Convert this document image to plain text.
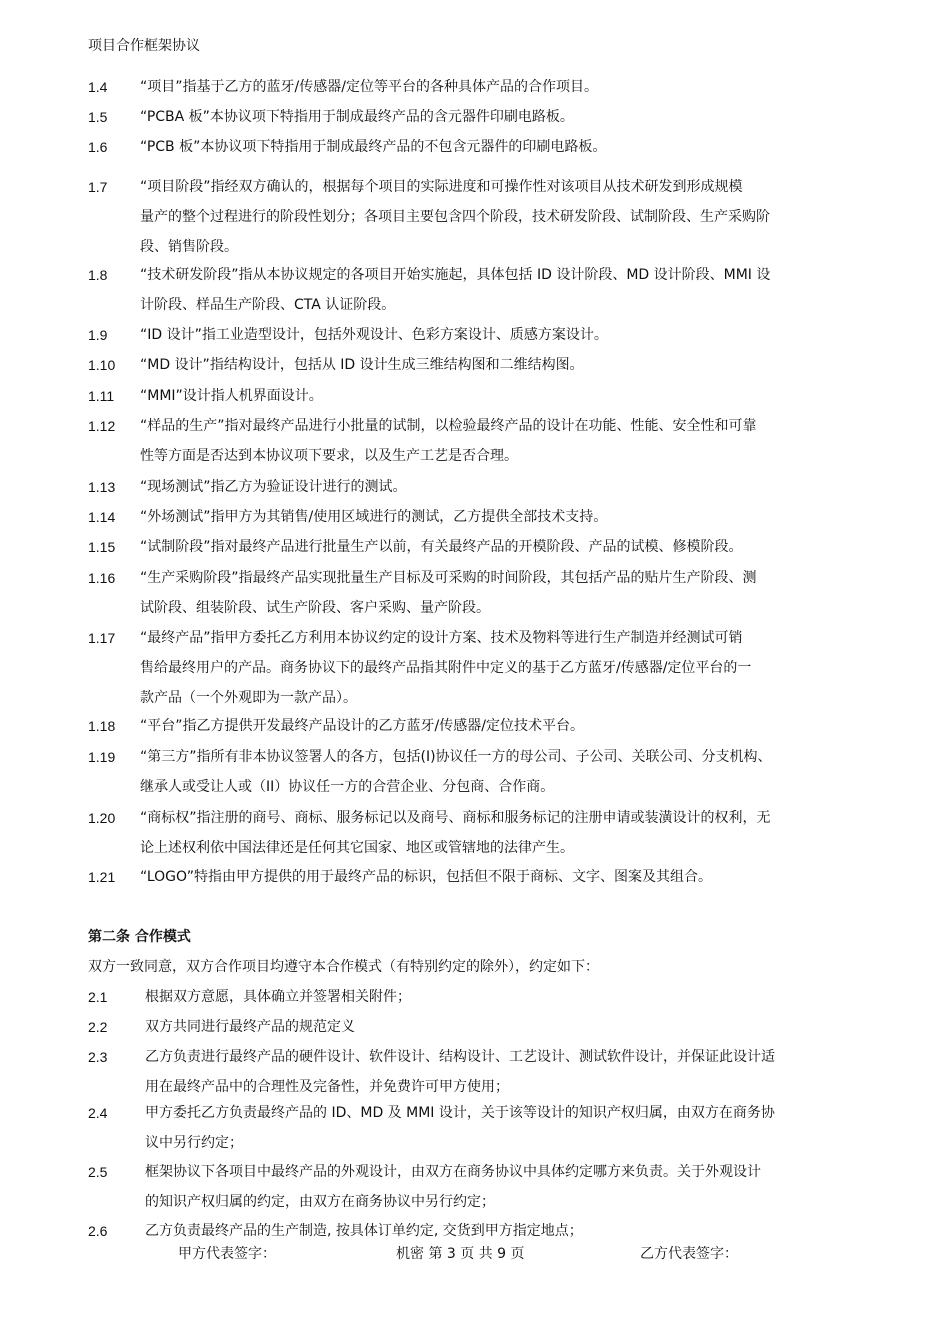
项目合作框架协议
1.4 “项目”指基于乙方的蓝牙/传感器/定位等平台的各种具体产品的合作项目。
1.5 “PCBA 板”本协议项下特指用于制成最终产品的含元器件印刷电路板。
1.6 “PCB 板”本协议项下特指用于制成最终产品的不包含元器件的印刷电路板。
1.7 “项目阶段”指经双方确认的，根据每个项目的实际进度和可操作性对该项目从技术研发到形成规模
量产的整个过程进行的阶段性划分；各项目主要包含四个阶段，技术研发阶段、试制阶段、生产采购阶
段、销售阶段。
1.8 “技术研发阶段”指从本协议规定的各项目开始实施起，具体包括 ID 设计阶段、MD 设计阶段、MMI 设
计阶段、样品生产阶段、CTA 认证阶段。
1.9 “ID 设计”指工业造型设计，包括外观设计、色彩方案设计、质感方案设计。
1.10 “MD 设计”指结构设计，包括从 ID 设计生成三维结构图和二维结构图。
1.11 “MMI”设计指人机界面设计。
1.12 “样品的生产”指对最终产品进行小批量的试制，以检验最终产品的设计在功能、性能、安全性和可靠
性等方面是否达到本协议项下要求，以及生产工艺是否合理。
1.13 “现场测试”指乙方为验证设计进行的测试。
1.14 “外场测试”指甲方为其销售/使用区域进行的测试，乙方提供全部技术支持。
1.15 “试制阶段”指对最终产品进行批量生产以前，有关最终产品的开模阶段、产品的试模、修模阶段。
1.16 “生产采购阶段”指最终产品实现批量生产目标及可采购的时间阶段，其包括产品的贴片生产阶段、测
试阶段、组装阶段、试生产阶段、客户采购、量产阶段。
1.17 “最终产品”指甲方委托乙方利用本协议约定的设计方案、技术及物料等进行生产制造并经测试可销
售给最终用户的产品。商务协议下的最终产品指其附件中定义的基于乙方蓝牙/传感器/定位平台的一
款产品（一个外观即为一款产品）。
1.18 “平台”指乙方提供开发最终产品设计的乙方蓝牙/传感器/定位技术平台。
1.19 “第三方”指所有非本协议签署人的各方，包括(Ⅰ)协议任一方的母公司、子公司、关联公司、分支机构、
继承人或受让人或（II）协议任一方的合营企业、分包商、合作商。
1.20 “商标权”指注册的商号、商标、服务标记以及商号、商标和服务标记的注册申请或装潢设计的权利，无
论上述权利依中国法律还是任何其它国家、地区或管辖地的法律产生。
1.21 “LOGO”特指由甲方提供的用于最终产品的标识，包括但不限于商标、文字、图案及其组合。
第二条 合作模式
双方一致同意，双方合作项目均遵守本合作模式（有特别约定的除外），约定如下：
2.1	根据双方意愿，具体确立并签署相关附件；
2.2	双方共同进行最终产品的规范定义
2.3	乙方负责进行最终产品的硬件设计、软件设计、结构设计、工艺设计、测试软件设计，并保证此设计适
用在最终产品中的合理性及完备性，并免费许可甲方使用；
2.4	甲方委托乙方负责最终产品的 ID、MD 及 MMI 设计，关于该等设计的知识产权归属，由双方在商务协
议中另行约定；
2.5	框架协议下各项目中最终产品的外观设计，由双方在商务协议中具体约定哪方来负责。关于外观设计
的知识产权归属的约定，由双方在商务协议中另行约定；
2.6	乙方负责最终产品的生产制造, 按具体订单约定, 交货到甲方指定地点；
甲方代表签字：	机密 第 3 页 共 9 页	乙方代表签字：
